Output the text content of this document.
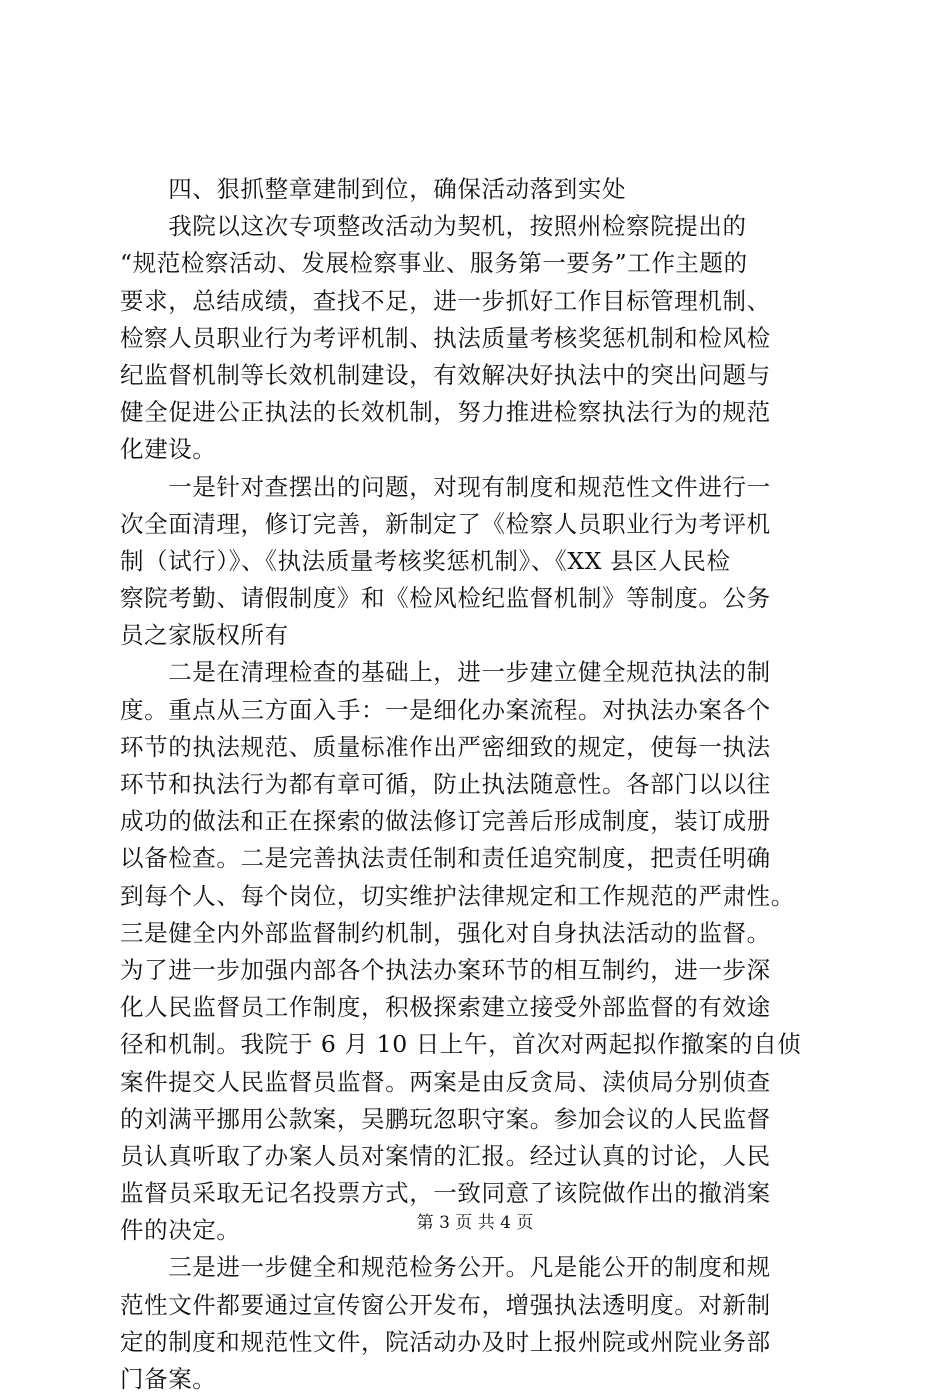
　　四、狠抓整章建制到位，确保活动落到实处
　　我院以这次专项整改活动为契机，按照州检察院提出的
“规范检察活动、发展检察事业、服务第一要务”工作主题的
要求，总结成绩，查找不足，进一步抓好工作目标管理机制、
检察人员职业行为考评机制、执法质量考核奖惩机制和检风检
纪监督机制等长效机制建设，有效解决好执法中的突出问题与
健全促进公正执法的长效机制，努力推进检察执法行为的规范
化建设。
　　一是针对查摆出的问题，对现有制度和规范性文件进行一
次全面清理，修订完善，新制定了《检察人员职业行为考评机
制（试行）》、《执法质量考核奖惩机制》、《XX 县区人民检
察院考勤、请假制度》和《检风检纪监督机制》等制度。公务
员之家版权所有
　　二是在清理检查的基础上，进一步建立健全规范执法的制
度。重点从三方面入手：一是细化办案流程。对执法办案各个
环节的执法规范、质量标准作出严密细致的规定，使每一执法
环节和执法行为都有章可循，防止执法随意性。各部门以以往
成功的做法和正在探索的做法修订完善后形成制度，装订成册
以备检查。二是完善执法责任制和责任追究制度，把责任明确
到每个人、每个岗位，切实维护法律规定和工作规范的严肃性。
三是健全内外部监督制约机制，强化对自身执法活动的监督。
为了进一步加强内部各个执法办案环节的相互制约，进一步深
化人民监督员工作制度，积极探索建立接受外部监督的有效途
径和机制。我院于 6 月 10 日上午，首次对两起拟作撤案的自侦
案件提交人民监督员监督。两案是由反贪局、渎侦局分别侦查
的刘满平挪用公款案，吴鹏玩忽职守案。参加会议的人民监督
员认真听取了办案人员对案情的汇报。经过认真的讨论，人民
监督员采取无记名投票方式，一致同意了该院做作出的撤消案
件的决定。
　　三是进一步健全和规范检务公开。凡是能公开的制度和规
范性文件都要通过宣传窗公开发布，增强执法透明度。对新制
定的制度和规范性文件，院活动办及时上报州院或州院业务部
门备案。
第 3 页 共 4 页
